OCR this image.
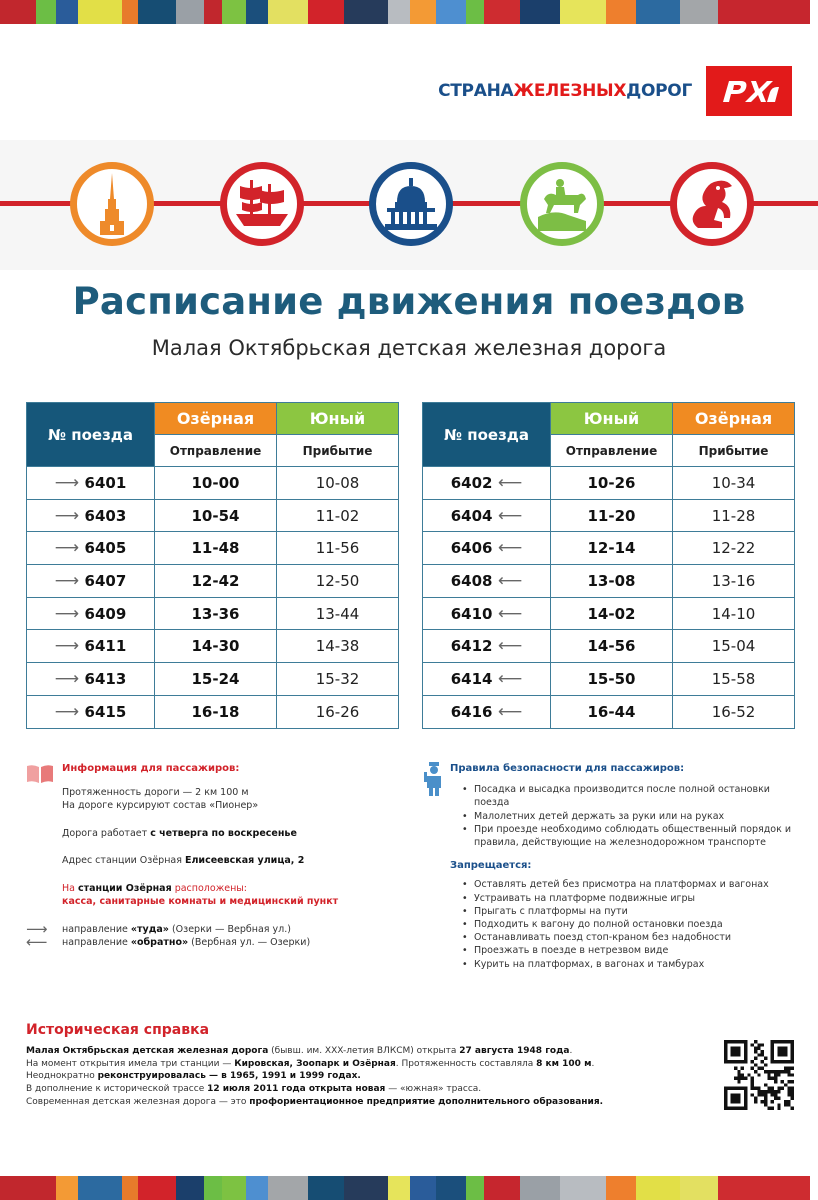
СТРАНАЖЕЛЕЗНЫХДОРОГ
Расписание движения поездов
Малая Октябрьская детская железная дорога
№ поезда	Озёрная	Юный
	Отправление	Прибытие
⟶ 6401	10-00	10-08
⟶ 6403	10-54	11-02
⟶ 6405	11-48	11-56
⟶ 6407	12-42	12-50
⟶ 6409	13-36	13-44
⟶ 6411	14-30	14-38
⟶ 6413	15-24	15-32
⟶ 6415	16-18	16-26
№ поезда	Юный	Озёрная
	Отправление	Прибытие
6402 ⟵	10-26	10-34
6404 ⟵	11-20	11-28
6406 ⟵	12-14	12-22
6408 ⟵	13-08	13-16
6410 ⟵	14-02	14-10
6412 ⟵	14-56	15-04
6414 ⟵	15-50	15-58
6416 ⟵	16-44	16-52
Информация для пассажиров:
Протяженность дороги — 2 км 100 м
На дороге курсируют состав «Пионер»
Дорога работает с четверга по воскресенье
Адрес станции Озёрная Елисеевская улица, 2
На станции Озёрная расположены:
касса, санитарные комнаты и медицинский пункт
⟶	направление «туда» (Озерки — Вербная ул.)
⟵	направление «обратно» (Вербная ул. — Озерки)
Правила безопасности для пассажиров:
• Посадка и высадка производится после полной остановки поезда
• Малолетних детей держать за руки или на руках
• При проезде необходимо соблюдать общественный порядок и правила, действующие на железнодорожном транспорте
Запрещается:
• Оставлять детей без присмотра на платформах и вагонах
• Устраивать на платформе подвижные игры
• Прыгать с платформы на пути
• Подходить к вагону до полной остановки поезда
• Останавливать поезд стоп-краном без надобности
• Проезжать в поезде в нетрезвом виде
• Курить на платформах, в вагонах и тамбурах
Историческая справка
Малая Октябрьская детская железная дорога (бывш. им. XXX-летия ВЛКСМ) открыта 27 августа 1948 года.
На момент открытия имела три станции — Кировская, Зоопарк и Озёрная. Протяженность составляла 8 км 100 м.
Неоднократно реконструировалась — в 1965, 1991 и 1999 годах.
В дополнение к исторической трассе 12 июля 2011 года открыта новая — «южная» трасса.
Современная детская железная дорога — это профориентационное предприятие дополнительного образования.
